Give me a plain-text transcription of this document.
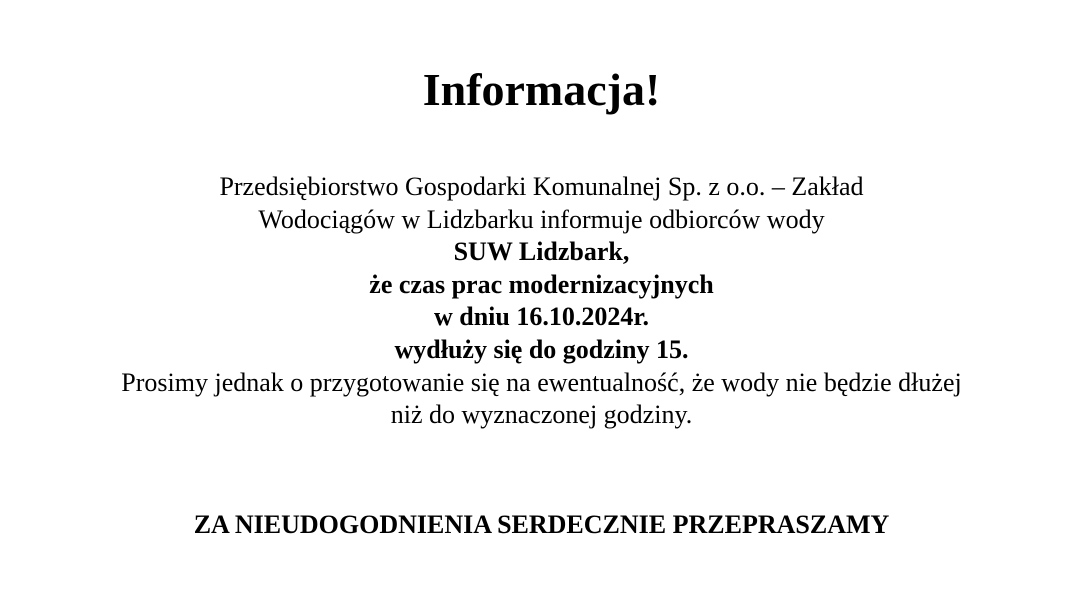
Informacja!
Przedsiębiorstwo Gospodarki Komunalnej Sp. z o.o. – Zakład
Wodociągów w Lidzbarku informuje odbiorców wody
SUW Lidzbark,
że czas prac modernizacyjnych
w dniu 16.10.2024r.
wydłuży się do godziny 15.
Prosimy jednak o przygotowanie się na ewentualność, że wody nie będzie dłużej
niż do wyznaczonej godziny.

ZA NIEUDOGODNIENIA SERDECZNIE PRZEPRASZAMY
